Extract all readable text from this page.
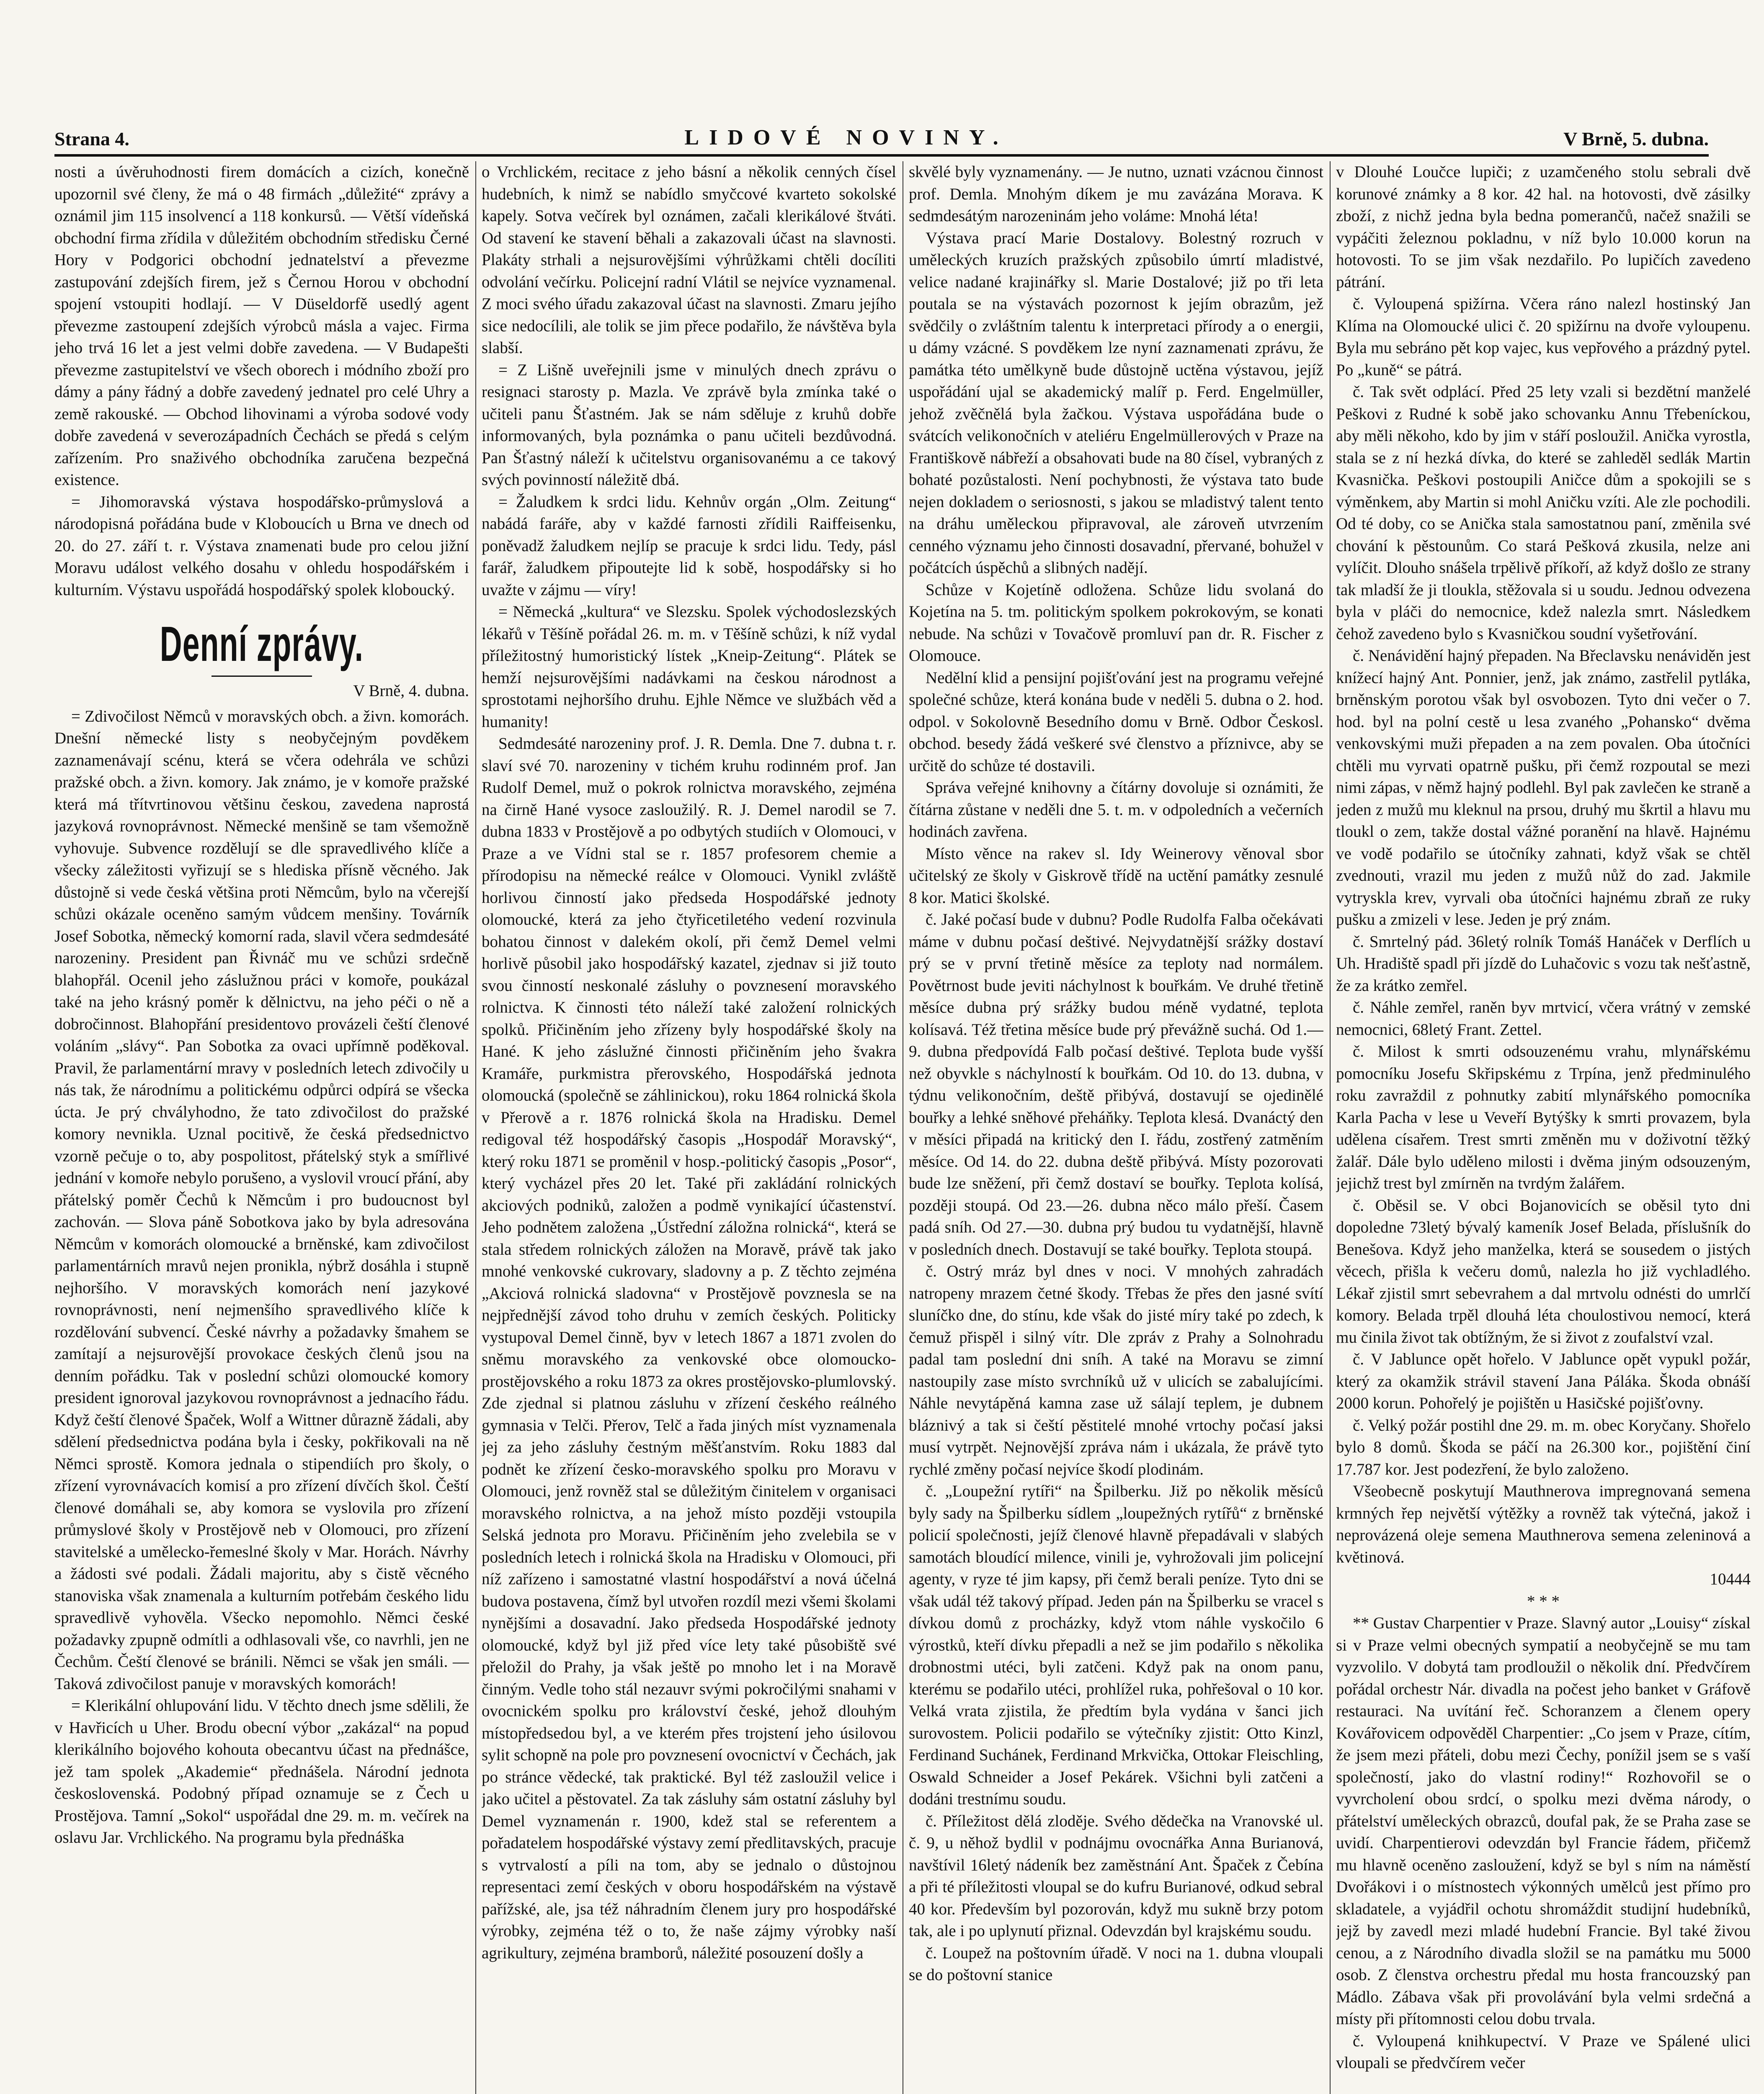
Strana 4.	LIDOVÉ NOVINY.	V Brně, 5. dubna.

nosti a úvěruhodnosti firem domácích a cizích, konečně upozornil své členy, že má o 48 firmách „důležité“ zprávy a oznámil jim 115 insolvencí a 118 konkursů. — Větší vídeňská obchodní firma zřídila v důležitém obchodním středisku Černé Hory v Podgorici obchodní jednatelství a převezme zastupování zdejších firem, jež s Černou Horou v obchodní spojení vstoupiti hodlají. — V Düseldorfě usedlý agent převezme zastoupení zdejších výrobců másla a vajec. Firma jeho trvá 16 let a jest velmi dobře zavedena. — V Budapešti převezme zastupitelství ve všech oborech i módního zboží pro dámy a pány řádný a dobře zavedený jednatel pro celé Uhry a země rakouské. — Obchod lihovinami a výroba sodové vody dobře zavedená v severozápadních Čechách se předá s celým zařízením. Pro snaživého obchodníka zaručena bezpečná existence.

= Jihomoravská výstava hospodářsko-průmyslová a národopisná pořádána bude v Kloboucích u Brna ve dnech od 20. do 27. září t. r. Výstava znamenati bude pro celou jižní Moravu událost velkého dosahu v ohledu hospodářském i kulturním. Výstavu uspořádá hospodářský spolek kloboucký.

Denní zprávy.
V Brně, 4. dubna.

= Zdivočilost Němců v moravských obch. a živn. komorách. Dnešní německé listy s neobyčejným povděkem zaznamenávají scénu, která se včera odehrála ve schůzi pražské obch. a živn. komory. Jak známo, je v komoře pražské která má třítvrtinovou většinu českou, zavedena naprostá jazyková rovnoprávnost. Německé menšině se tam všemožně vyhovuje. Subvence rozdělují se dle spravedlivého klíče a všecky záležitosti vyřizují se s hlediska přísně věcného. Jak důstojně si vede česká většina proti Němcům, bylo na včerejší schůzi okázale oceněno samým vůdcem menšiny. Továrník Josef Sobotka, německý komorní rada, slavil včera sedmdesáté narozeniny. President pan Řivnáč mu ve schůzi srdečně blahopřál. Ocenil jeho záslužnou práci v komoře, poukázal také na jeho krásný poměr k dělnictvu, na jeho péči o ně a dobročinnost. Blahopřání presidentovo provázeli čeští členové voláním „slávy“. Pan Sobotka za ovaci upřímně poděkoval. Pravil, že parlamentární mravy v posledních letech zdivočily u nás tak, že národnímu a politickému odpůrci odpírá se všecka úcta. Je prý chvályhodno, že tato zdivočilost do pražské komory nevnikla. Uznal pocitivě, že česká předsednictvo vzorně pečuje o to, aby pospolitost, přátelský styk a smířlivé jednání v komoře nebylo porušeno, a vyslovil vroucí přání, aby přátelský poměr Čechů k Němcům i pro budoucnost byl zachován. — Slova páně Sobotkova jako by byla adresována Němcům v komorách olomoucké a brněnské, kam zdivočilost parlamentárních mravů nejen pronikla, nýbrž dosáhla i stupně nejhoršího. V moravských komorách není jazykové rovnoprávnosti, není nejmenšího spravedlivého klíče k rozdělování subvencí. České návrhy a požadavky šmahem se zamítají a nejsurovější provokace českých členů jsou na denním pořádku. Tak v poslední schůzi olomoucké komory president ignoroval jazykovou rovnoprávnost a jednacího řádu. Když čeští členové Špaček, Wolf a Wittner důrazně žádali, aby sdělení předsednictva podána byla i česky, pokřikovali na ně Němci sprostě. Komora jednala o stipendiích pro školy, o zřízení vyrovnávacích komisí a pro zřízení dívčích škol. Čeští členové domáhali se, aby komora se vyslovila pro zřízení průmyslové školy v Prostějově neb v Olomouci, pro zřízení stavitelské a umělecko-řemeslné školy v Mar. Horách. Návrhy a žádosti své podali. Žádali majoritu, aby s čistě věcného stanoviska však znamenala a kulturním potřebám českého lidu spravedlivě vyhověla. Všecko nepomohlo. Němci české požadavky zpupně odmítli a odhlasovali vše, co navrhli, jen ne Čechům. Čeští členové se bránili. Němci se však jen smáli. — Taková zdivočilost panuje v moravských komorách!

= Klerikální ohlupování lidu. V těchto dnech jsme sdělili, že v Havřicích u Uher. Brodu obecní výbor „zakázal“ na popud klerikálního bojového kohouta obecantvu účast na přednášce, jež tam spolek „Akademie“ přednášela. Národní jednota československá. Podobný případ oznamuje se z Čech u Prostějova. Tamní „Sokol“ uspořádal dne 29. m. m. večírek na oslavu Jar. Vrchlického. Na programu byla přednáška

o Vrchlickém, recitace z jeho básní a několik cenných čísel hudebních, k nimž se nabídlo smyčcové kvarteto sokolské kapely. Sotva večírek byl oznámen, začali klerikálové štváti. Od stavení ke stavení běhali a zakazovali účast na slavnosti. Plakáty strhali a nejsurovějšími výhrůžkami chtěli docíliti odvolání večírku. Policejní radní Vlátil se nejvíce vyznamenal. Z moci svého úřadu zakazoval účast na slavnosti. Zmaru jejího sice nedocílili, ale tolik se jim přece podařilo, že návštěva byla slabší.

= Z Lišně uveřejnili jsme v minulých dnech zprávu o resignaci starosty p. Mazla. Ve zprávě byla zmínka také o učiteli panu Šťastném. Jak se nám sděluje z kruhů dobře informovaných, byla poznámka o panu učiteli bezdůvodná. Pan Šťastný náleží k učitelstvu organisovanému a ce takový svých povinností náležitě dbá.

= Žaludkem k srdci lidu. Kehnův orgán „Olm. Zeitung“ nabádá faráře, aby v každé farnosti zřídili Raiffeisenku, poněvadž žaludkem nejlíp se pracuje k srdci lidu. Tedy, pásl farář, žaludkem připoutejte lid k sobě, hospodářsky si ho uvažte v zájmu — víry!

= Německá „kultura“ ve Slezsku. Spolek východoslezských lékařů v Těšíně pořádal 26. m. m. v Těšíně schůzi, k níž vydal příležitostný humoristický lístek „Kneip-Zeitung“. Plátek se hemží nejsurovějšími nadávkami na českou národnost a sprostotami nejhoršího druhu. Ejhle Němce ve službách věd a humanity!

Sedmdesáté narozeniny prof. J. R. Demla. Dne 7. dubna t. r. slaví své 70. narozeniny v tichém kruhu rodinném prof. Jan Rudolf Demel, muž o pokrok rolnictva moravského, zejména na čirně Hané vysoce zasloužilý. R. J. Demel narodil se 7. dubna 1833 v Prostějově a po odbytých studiích v Olomouci, v Praze a ve Vídni stal se r. 1857 profesorem chemie a přírodopisu na německé reálce v Olomouci. Vynikl zvláště horlivou činností jako předseda Hospodářské jednoty olomoucké, která za jeho čtyřicetiletého vedení rozvinula bohatou činnost v dalekém okolí, při čemž Demel velmi horlivě působil jako hospodářský kazatel, zjednav si již touto svou činností neskonalé zásluhy o povznesení moravského rolnictva. K činnosti této náleží také založení rolnických spolků. Přičiněním jeho zřízeny byly hospodářské školy na Hané. K jeho záslužné činnosti přičiněním jeho švakra Kramáře, purkmistra přerovského, Hospodářská jednota olomoucká (společně se záhlinickou), roku 1864 rolnická škola v Přerově a r. 1876 rolnická škola na Hradisku. Demel redigoval též hospodářský časopis „Hospodář Moravský“, který roku 1871 se proměnil v hosp.-politický časopis „Posor“, který vycházel přes 20 let. Také při zakládání rolnických akciových podniků, založen a podmě vynikající účastenství. Jeho podnětem založena „Ústřední záložna rolnická“, která se stala středem rolnických záložen na Moravě, právě tak jako mnohé venkovské cukrovary, sladovny a p. Z těchto zejména „Akciová rolnická sladovna“ v Prostějově povznesla se na nejpřednější závod toho druhu v zemích českých. Politicky vystupoval Demel činně, byv v letech 1867 a 1871 zvolen do sněmu moravského za venkovské obce olomoucko-prostějovského a roku 1873 za okres prostějovsko-plumlovský. Zde zjednal si platnou zásluhu v zřízení českého reálného gymnasia v Telči. Přerov, Telč a řada jiných míst vyznamenala jej za jeho zásluhy čestným měšťanstvím. Roku 1883 dal podnět ke zřízení česko-moravského spolku pro Moravu v Olomouci, jenž rovněž stal se důležitým činitelem v organisaci moravského rolnictva, a na jehož místo později vstoupila Selská jednota pro Moravu. Přičiněním jeho zvelebila se v posledních letech i rolnická škola na Hradisku v Olomouci, při níž zařízeno i samostatné vlastní hospodářství a nová účelná budova postavena, čímž byl utvořen rozdíl mezi všemi školami nynějšími a dosavadní. Jako předseda Hospodářské jednoty olomoucké, když byl již před více lety také působiště své přeložil do Prahy, ja však ještě po mnoho let i na Moravě činným. Vedle toho stál nezauvr svými pokročilými snahami v ovocnickém spolku pro království české, jehož dlouhým místopředsedou byl, a ve kterém přes trojstení jeho úsilovou sylit schopně na pole pro povznesení ovocnictví v Čechách, jak po stránce vědecké, tak praktické. Byl též zasloužil velice i jako učitel a pěstovatel. Za tak zásluhy sám ostatní zásluhy byl Demel vyznamenán r. 1900, kdež stal se referentem a pořadatelem hospodářské výstavy zemí předlitavských, pracuje s vytrvalostí a píli na tom, aby se jednalo o důstojnou representaci zemí českých v oboru hospodářském na výstavě pařížské, ale, jsa též náhradním členem jury pro hospodářské výrobky, zejména též o to, že naše zájmy výrobky naší agrikultury, zejména bramborů, náležité posouzení došly a

skvělé byly vyznamenány. — Je nutno, uznati vzácnou činnost prof. Demla. Mnohým díkem je mu zavázána Morava. K sedmdesátým narozeninám jeho voláme: Mnohá léta!

Výstava prací Marie Dostalovy. Bolestný rozruch v uměleckých kruzích pražských způsobilo úmrtí mladistvé, velice nadané krajinářky sl. Marie Dostalové; již po tři leta poutala se na výstavách pozornost k jejím obrazům, jež svědčily o zvláštním talentu k interpretaci přírody a o energii, u dámy vzácné. S povděkem lze nyní zaznamenati zprávu, že památka této umělkyně bude důstojně uctěna výstavou, jejíž uspořádání ujal se akademický malíř p. Ferd. Engelmüller, jehož zvěčnělá byla žačkou. Výstava uspořádána bude o svátcích velikonočních v ateliéru Engelmüllerových v Praze na Františkově nábřeží a obsahovati bude na 80 čísel, vybraných z bohaté pozůstalosti. Není pochybnosti, že výstava tato bude nejen dokladem o seriosnosti, s jakou se mladistvý talent tento na dráhu uměleckou připravoval, ale zároveň utvrzením cenného významu jeho činnosti dosavadní, přervané, bohužel v počátcích úspěchů a slibných nadějí.

Schůze v Kojetíně odložena. Schůze lidu svolaná do Kojetína na 5. tm. politickým spolkem pokrokovým, se konati nebude. Na schůzi v Tovačově promluví pan dr. R. Fischer z Olomouce.

Nedělní klid a pensijní pojišťování jest na programu veřejné společné schůze, která konána bude v neděli 5. dubna o 2. hod. odpol. v Sokolovně Besedního domu v Brně. Odbor Českosl. obchod. besedy žádá veškeré své členstvo a příznivce, aby se určitě do schůze té dostavili.

Správa veřejné knihovny a čítárny dovoluje si oznámiti, že čítárna zůstane v neděli dne 5. t. m. v odpoledních a večerních hodinách zavřena.

Místo věnce na rakev sl. Idy Weinerovy věnoval sbor učitelský ze školy v Giskrově třídě na uctění památky zesnulé 8 kor. Matici školské.

č. Jaké počasí bude v dubnu? Podle Rudolfa Falba očekávati máme v dubnu počasí deštivé. Nejvydatnější srážky dostaví prý se v první třetině měsíce za teploty nad normálem. Povětrnost bude jeviti náchylnost k bouřkám. Ve druhé třetině měsíce dubna prý srážky budou méně vydatné, teplota kolísavá. Též třetina měsíce bude prý převážně suchá. Od 1.—9. dubna předpovídá Falb počasí deštivé. Teplota bude vyšší než obyvkle s náchylností k bouřkám. Od 10. do 13. dubna, v týdnu velikonočním, deště přibývá, dostavují se ojedinělé bouřky a lehké sněhové přeháňky. Teplota klesá. Dvanáctý den v měsíci připadá na kritický den I. řádu, zostřený zatměním měsíce. Od 14. do 22. dubna deště přibývá. Místy pozorovati bude lze sněžení, při čemž dostaví se bouřky. Teplota kolísá, později stoupá. Od 23.—26. dubna něco málo přeší. Časem padá sníh. Od 27.—30. dubna prý budou tu vydatnější, hlavně v posledních dnech. Dostavují se také bouřky. Teplota stoupá.

č. Ostrý mráz byl dnes v noci. V mnohých zahradách natropeny mrazem četné škody. Třebas že přes den jasné svítí sluníčko dne, do stínu, kde však do jisté míry také po zdech, k čemuž přispěl i silný vítr. Dle zpráv z Prahy a Solnohradu padal tam poslední dni sníh. A také na Moravu se zimní nastoupily zase místo svrchníků už v ulicích se zabalujícími. Náhle nevytápěná kamna zase už sálají teplem, je dubnem bláznivý a tak si čeští pěstitelé mnohé vrtochy počasí jaksi musí vytrpět. Nejnovější zpráva nám i ukázala, že právě tyto rychlé změny počasí nejvíce škodí plodinám.

č. „Loupežní rytíři“ na Špilberku. Již po několik měsíců byly sady na Špilberku sídlem „loupežných rytířů“ z brněnské policií společnosti, jejíž členové hlavně přepadávali v slabých samotách bloudící milence, vinili je, vyhrožovali jim policejní agenty, v ryze té jim kapsy, při čemž berali peníze. Tyto dni se však udál též takový případ. Jeden pán na Špilberku se vracel s dívkou domů z procházky, když vtom náhle vyskočilo 6 výrostků, kteří dívku přepadli a než se jim podařilo s několika drobnostmi utéci, byli zatčeni. Když pak na onom panu, kterému se podařilo utéci, prohlížel ruka, pohřešoval o 10 kor. Velká vrata zjistila, že předtím byla vydána v šanci jich surovostem. Policii podařilo se výtečníky zjistit: Otto Kinzl, Ferdinand Suchánek, Ferdinand Mrkvička, Ottokar Fleischling, Oswald Schneider a Josef Pekárek. Všichni byli zatčeni a dodáni trestnímu soudu.

č. Příležitost dělá zloděje. Svého dědečka na Vranovské ul. č. 9, u něhož bydlil v podnájmu ovocnářka Anna Burianová, navštívil 16letý nádeník bez zaměstnání Ant. Špaček z Čebína a při té příležitosti vloupal se do kufru Burianové, odkud sebral 40 kor. Především byl pozorován, když mu sukně brzy potom tak, ale i po uplynutí přiznal. Odevzdán byl krajskému soudu.

č. Loupež na poštovním úřadě. V noci na 1. dubna vloupali se do poštovní stanice

v Dlouhé Loučce lupiči; z uzamčeného stolu sebrali dvě korunové známky a 8 kor. 42 hal. na hotovosti, dvě zásilky zboží, z nichž jedna byla bedna pomerančů, načež snažili se vypáčiti železnou pokladnu, v níž bylo 10.000 korun na hotovosti. To se jim však nezdařilo. Po lupičích zavedeno pátrání.

č. Vyloupená spižírna. Včera ráno nalezl hostinský Jan Klíma na Olomoucké ulici č. 20 spižírnu na dvoře vyloupenu. Byla mu sebráno pět kop vajec, kus vepřového a prázdný pytel. Po „kuně“ se pátrá.

č. Tak svět odplácí. Před 25 lety vzali si bezdětní manželé Peškovi z Rudné k sobě jako schovanku Annu Třebeníckou, aby měli někoho, kdo by jim v stáří posloužil. Anička vyrostla, stala se z ní hezká dívka, do které se zahleděl sedlák Martin Kvasnička. Peškovi postoupili Aničce dům a spokojili se s výměnkem, aby Martin si mohl Aničku vzíti. Ale zle pochodili. Od té doby, co se Anička stala samostatnou paní, změnila své chování k pěstounům. Co stará Pešková zkusila, nelze ani vylíčit. Dlouho snášela trpělivě příkoří, až když došlo ze strany tak mladší že ji tloukla, stěžovala si u soudu. Jednou odvezena byla v pláči do nemocnice, kdež nalezla smrt. Následkem čehož zavedeno bylo s Kvasničkou soudní vyšetřování.

č. Nenávidění hajný přepaden. Na Břeclavsku nenáviděn jest knížecí hajný Ant. Ponnier, jenž, jak známo, zastřelil pytláka, brněnským porotou však byl osvobozen. Tyto dni večer o 7. hod. byl na polní cestě u lesa zvaného „Pohansko“ dvěma venkovskými muži přepaden a na zem povalen. Oba útočníci chtěli mu vyrvati opatrně pušku, při čemž rozpoutal se mezi nimi zápas, v němž hajný podlehl. Byl pak zavlečen ke straně a jeden z mužů mu kleknul na prsou, druhý mu škrtil a hlavu mu tloukl o zem, takže dostal vážné poranění na hlavě. Hajnému ve vodě podařilo se útočníky zahnati, když však se chtěl zvednouti, vrazil mu jeden z mužů nůž do zad. Jakmile vytryskla krev, vyrvali oba útočníci hajnému zbraň ze ruky pušku a zmizeli v lese. Jeden je prý znám.

č. Smrtelný pád. 36letý rolník Tomáš Hanáček v Derflích u Uh. Hradiště spadl při jízdě do Luhačovic s vozu tak nešťastně, že za krátko zemřel.

č. Náhle zemřel, raněn byv mrtvicí, včera vrátný v zemské nemocnici, 68letý Frant. Zettel.

č. Milost k smrti odsouzenému vrahu, mlynářskému pomocníku Josefu Skřipskému z Trpína, jenž předminulého roku zavraždil z pohnutky zabití mlynářského pomocníka Karla Pacha v lese u Veveří Bytýšky k smrti provazem, byla udělena císařem. Trest smrti změněn mu v doživotní těžký žalář. Dále bylo uděleno milosti i dvěma jiným odsouzeným, jejichž trest byl zmírněn na tvrdým žalářem.

č. Oběsil se. V obci Bojanovicích se oběsil tyto dni dopoledne 73letý bývalý kameník Josef Belada, příslušník do Benešova. Když jeho manželka, která se sousedem o jistých věcech, přišla k večeru domů, nalezla ho již vychladlého. Lékař zjistil smrt sebevrahem a dal mrtvolu odnésti do umrlčí komory. Belada trpěl dlouhá léta choulostivou nemocí, která mu činila život tak obtížným, že si život z zoufalství vzal.

č. V Jablunce opět hořelo. V Jablunce opět vypukl požár, který za okamžik strávil stavení Jana Páláka. Škoda obnáší 2000 korun. Pohořelý je pojištěn u Hasičské pojišťovny.

č. Velký požár postihl dne 29. m. m. obec Koryčany. Shořelo bylo 8 domů. Škoda se páčí na 26.300 kor., pojištění činí 17.787 kor. Jest podezření, že bylo založeno.

Všeobecně poskytují Mauthnerova impregnovaná semena krmných řep největší výtěžky a rovněž tak výtečná, jakož i neprovázená oleje semena Mauthnerova semena zeleninová a květinová.

10444
* * *

** Gustav Charpentier v Praze. Slavný autor „Louisy“ získal si v Praze velmi obecných sympatií a neobyčejně se mu tam vyzvolilo. V dobytá tam prodloužil o několik dní. Předvčírem pořádal orchestr Nár. divadla na počest jeho banket v Gráfově restauraci. Na uvítání řeč. Schoranzem a členem opery Kovářovicem odpověděl Charpentier: „Co jsem v Praze, cítím, že jsem mezi přáteli, dobu mezi Čechy, ponížil jsem se s vaší společností, jako do vlastní rodiny!“ Rozhovořil se o vyvrcholení obou srdcí, o spolku mezi dvěma národy, o přátelství uměleckých obrazců, doufal pak, že se Praha zase se uvidí. Charpentierovi odevzdán byl Francie řádem, přičemž mu hlavně oceněno zasloužení, když se byl s ním na náměstí Dvořákovi i o místnostech výkonných umělců jest přímo pro skladatele, a vyjádřil ochotu shromáždit studijní hudebníků, jejž by zavedl mezi mladé hudební Francie. Byl také živou cenou, a z Národního divadla složil se na památku mu 5000 osob. Z členstva orchestru předal mu hosta francouzský pan Mádlo. Zábava však při provolávání byla velmi srdečná a místy při přítomnosti celou dobu trvala.

č. Vyloupená knihkupectví. V Praze ve Spálené ulici vloupali se předvčírem večer
